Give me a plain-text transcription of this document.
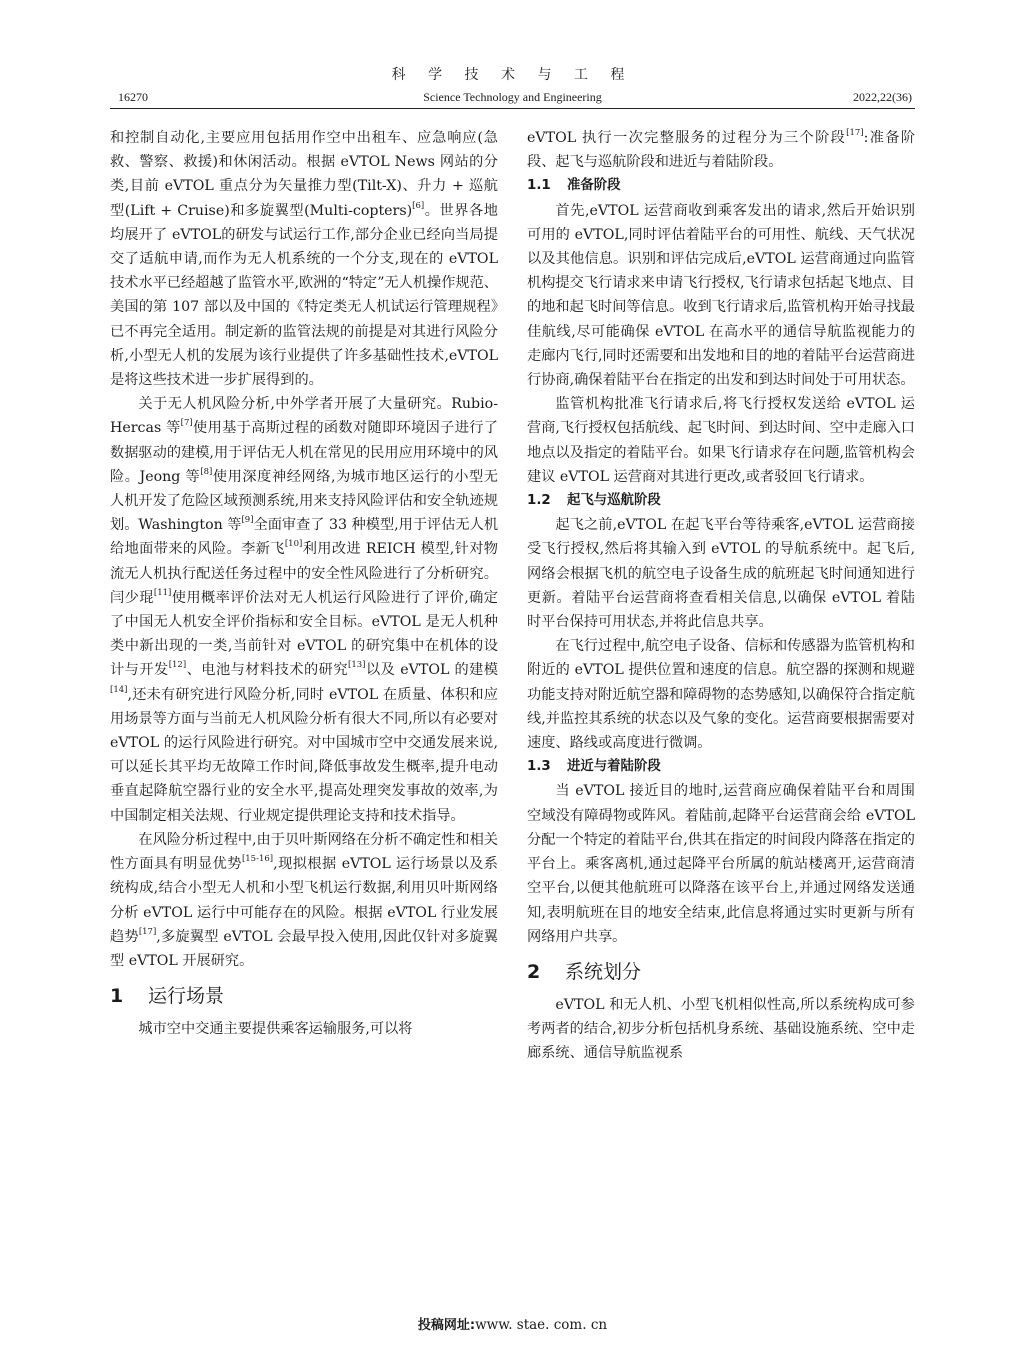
科 学 技 术 与 工 程
16270	Science Technology and Engineering	2022,22(36)

和控制自动化,主要应用包括用作空中出租车、应急响应(急救、警察、救援)和休闲活动。根据 eVTOL News 网站的分类,目前 eVTOL 重点分为矢量推力型(Tilt-X)、升力 + 巡航型(Lift + Cruise)和多旋翼型(Multi-copters)[6]。世界各地均展开了 eVTOL的研发与试运行工作,部分企业已经向当局提交了适航申请,而作为无人机系统的一个分支,现在的 eVTOL 技术水平已经超越了监管水平,欧洲的“特定”无人机操作规范、美国的第 107 部以及中国的《特定类无人机试运行管理规程》已不再完全适用。制定新的监管法规的前提是对其进行风险分析,小型无人机的发展为该行业提供了许多基础性技术,eVTOL 是将这些技术进一步扩展得到的。

关于无人机风险分析,中外学者开展了大量研究。Rubio-Hercas 等[7]使用基于高斯过程的函数对随即环境因子进行了数据驱动的建模,用于评估无人机在常见的民用应用环境中的风险。Jeong 等[8]使用深度神经网络,为城市地区运行的小型无人机开发了危险区域预测系统,用来支持风险评估和安全轨迹规划。Washington 等[9]全面审查了 33 种模型,用于评估无人机给地面带来的风险。李新飞[10]利用改进 REICH 模型,针对物流无人机执行配送任务过程中的安全性风险进行了分析研究。闫少琨[11]使用概率评价法对无人机运行风险进行了评价,确定了中国无人机安全评价指标和安全目标。eVTOL 是无人机种类中新出现的一类,当前针对 eVTOL 的研究集中在机体的设计与开发[12]、电池与材料技术的研究[13]以及 eVTOL 的建模[14],还未有研究进行风险分析,同时 eVTOL 在质量、体积和应用场景等方面与当前无人机风险分析有很大不同,所以有必要对 eVTOL 的运行风险进行研究。对中国城市空中交通发展来说,可以延长其平均无故障工作时间,降低事故发生概率,提升电动垂直起降航空器行业的安全水平,提高处理突发事故的效率,为中国制定相关法规、行业规定提供理论支持和技术指导。

在风险分析过程中,由于贝叶斯网络在分析不确定性和相关性方面具有明显优势[15-16],现拟根据 eVTOL 运行场景以及系统构成,结合小型无人机和小型飞机运行数据,利用贝叶斯网络分析 eVTOL 运行中可能存在的风险。根据 eVTOL 行业发展趋势[17],多旋翼型 eVTOL 会最早投入使用,因此仅针对多旋翼型 eVTOL 开展研究。

1 运行场景

城市空中交通主要提供乘客运输服务,可以将

eVTOL 执行一次完整服务的过程分为三个阶段[17]:准备阶段、起飞与巡航阶段和进近与着陆阶段。

1.1 准备阶段

首先,eVTOL 运营商收到乘客发出的请求,然后开始识别可用的 eVTOL,同时评估着陆平台的可用性、航线、天气状况以及其他信息。识别和评估完成后,eVTOL 运营商通过向监管机构提交飞行请求来申请飞行授权,飞行请求包括起飞地点、目的地和起飞时间等信息。收到飞行请求后,监管机构开始寻找最佳航线,尽可能确保 eVTOL 在高水平的通信导航监视能力的走廊内飞行,同时还需要和出发地和目的地的着陆平台运营商进行协商,确保着陆平台在指定的出发和到达时间处于可用状态。

监管机构批准飞行请求后,将飞行授权发送给 eVTOL 运营商,飞行授权包括航线、起飞时间、到达时间、空中走廊入口地点以及指定的着陆平台。如果飞行请求存在问题,监管机构会建议 eVTOL 运营商对其进行更改,或者驳回飞行请求。

1.2 起飞与巡航阶段

起飞之前,eVTOL 在起飞平台等待乘客,eVTOL 运营商接受飞行授权,然后将其输入到 eVTOL 的导航系统中。起飞后,网络会根据飞机的航空电子设备生成的航班起飞时间通知进行更新。着陆平台运营商将查看相关信息,以确保 eVTOL 着陆时平台保持可用状态,并将此信息共享。

在飞行过程中,航空电子设备、信标和传感器为监管机构和附近的 eVTOL 提供位置和速度的信息。航空器的探测和规避功能支持对附近航空器和障碍物的态势感知,以确保符合指定航线,并监控其系统的状态以及气象的变化。运营商要根据需要对速度、路线或高度进行微调。

1.3 进近与着陆阶段

当 eVTOL 接近目的地时,运营商应确保着陆平台和周围空域没有障碍物或阵风。着陆前,起降平台运营商会给 eVTOL 分配一个特定的着陆平台,供其在指定的时间段内降落在指定的平台上。乘客离机,通过起降平台所属的航站楼离开,运营商清空平台,以便其他航班可以降落在该平台上,并通过网络发送通知,表明航班在目的地安全结束,此信息将通过实时更新与所有网络用户共享。

2 系统划分

eVTOL 和无人机、小型飞机相似性高,所以系统构成可参考两者的结合,初步分析包括机身系统、基础设施系统、空中走廊系统、通信导航监视系

投稿网址:www. stae. com. cn
